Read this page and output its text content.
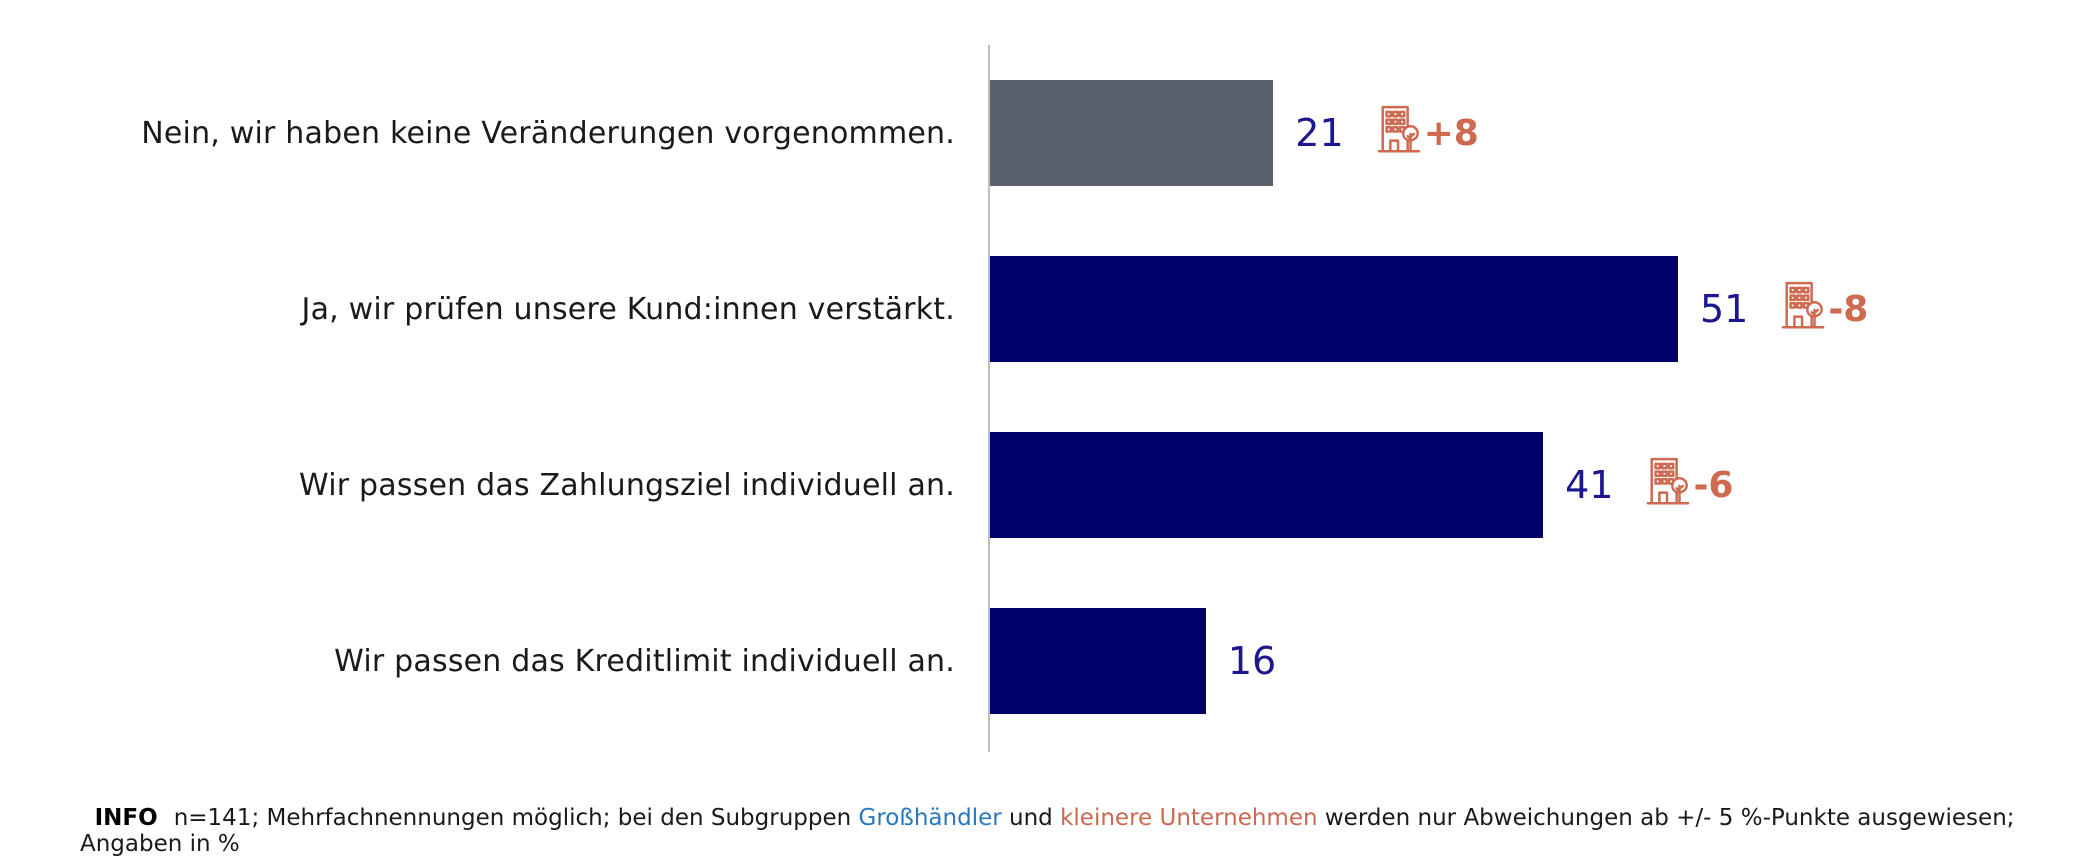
Nein, wir haben keine Veränderungen vorgenommen.	21 +8
Ja, wir prüfen unsere Kund:innen verstärkt.	51 -8
Wir passen das Zahlungsziel individuell an.	41 -6
Wir passen das Kreditlimit individuell an.	16

INFO n=141; Mehrfachnennungen möglich; bei den Subgruppen Großhändler und kleinere Unternehmen werden nur Abweichungen ab +/- 5 %-Punkte ausgewiesen; Angaben in %
